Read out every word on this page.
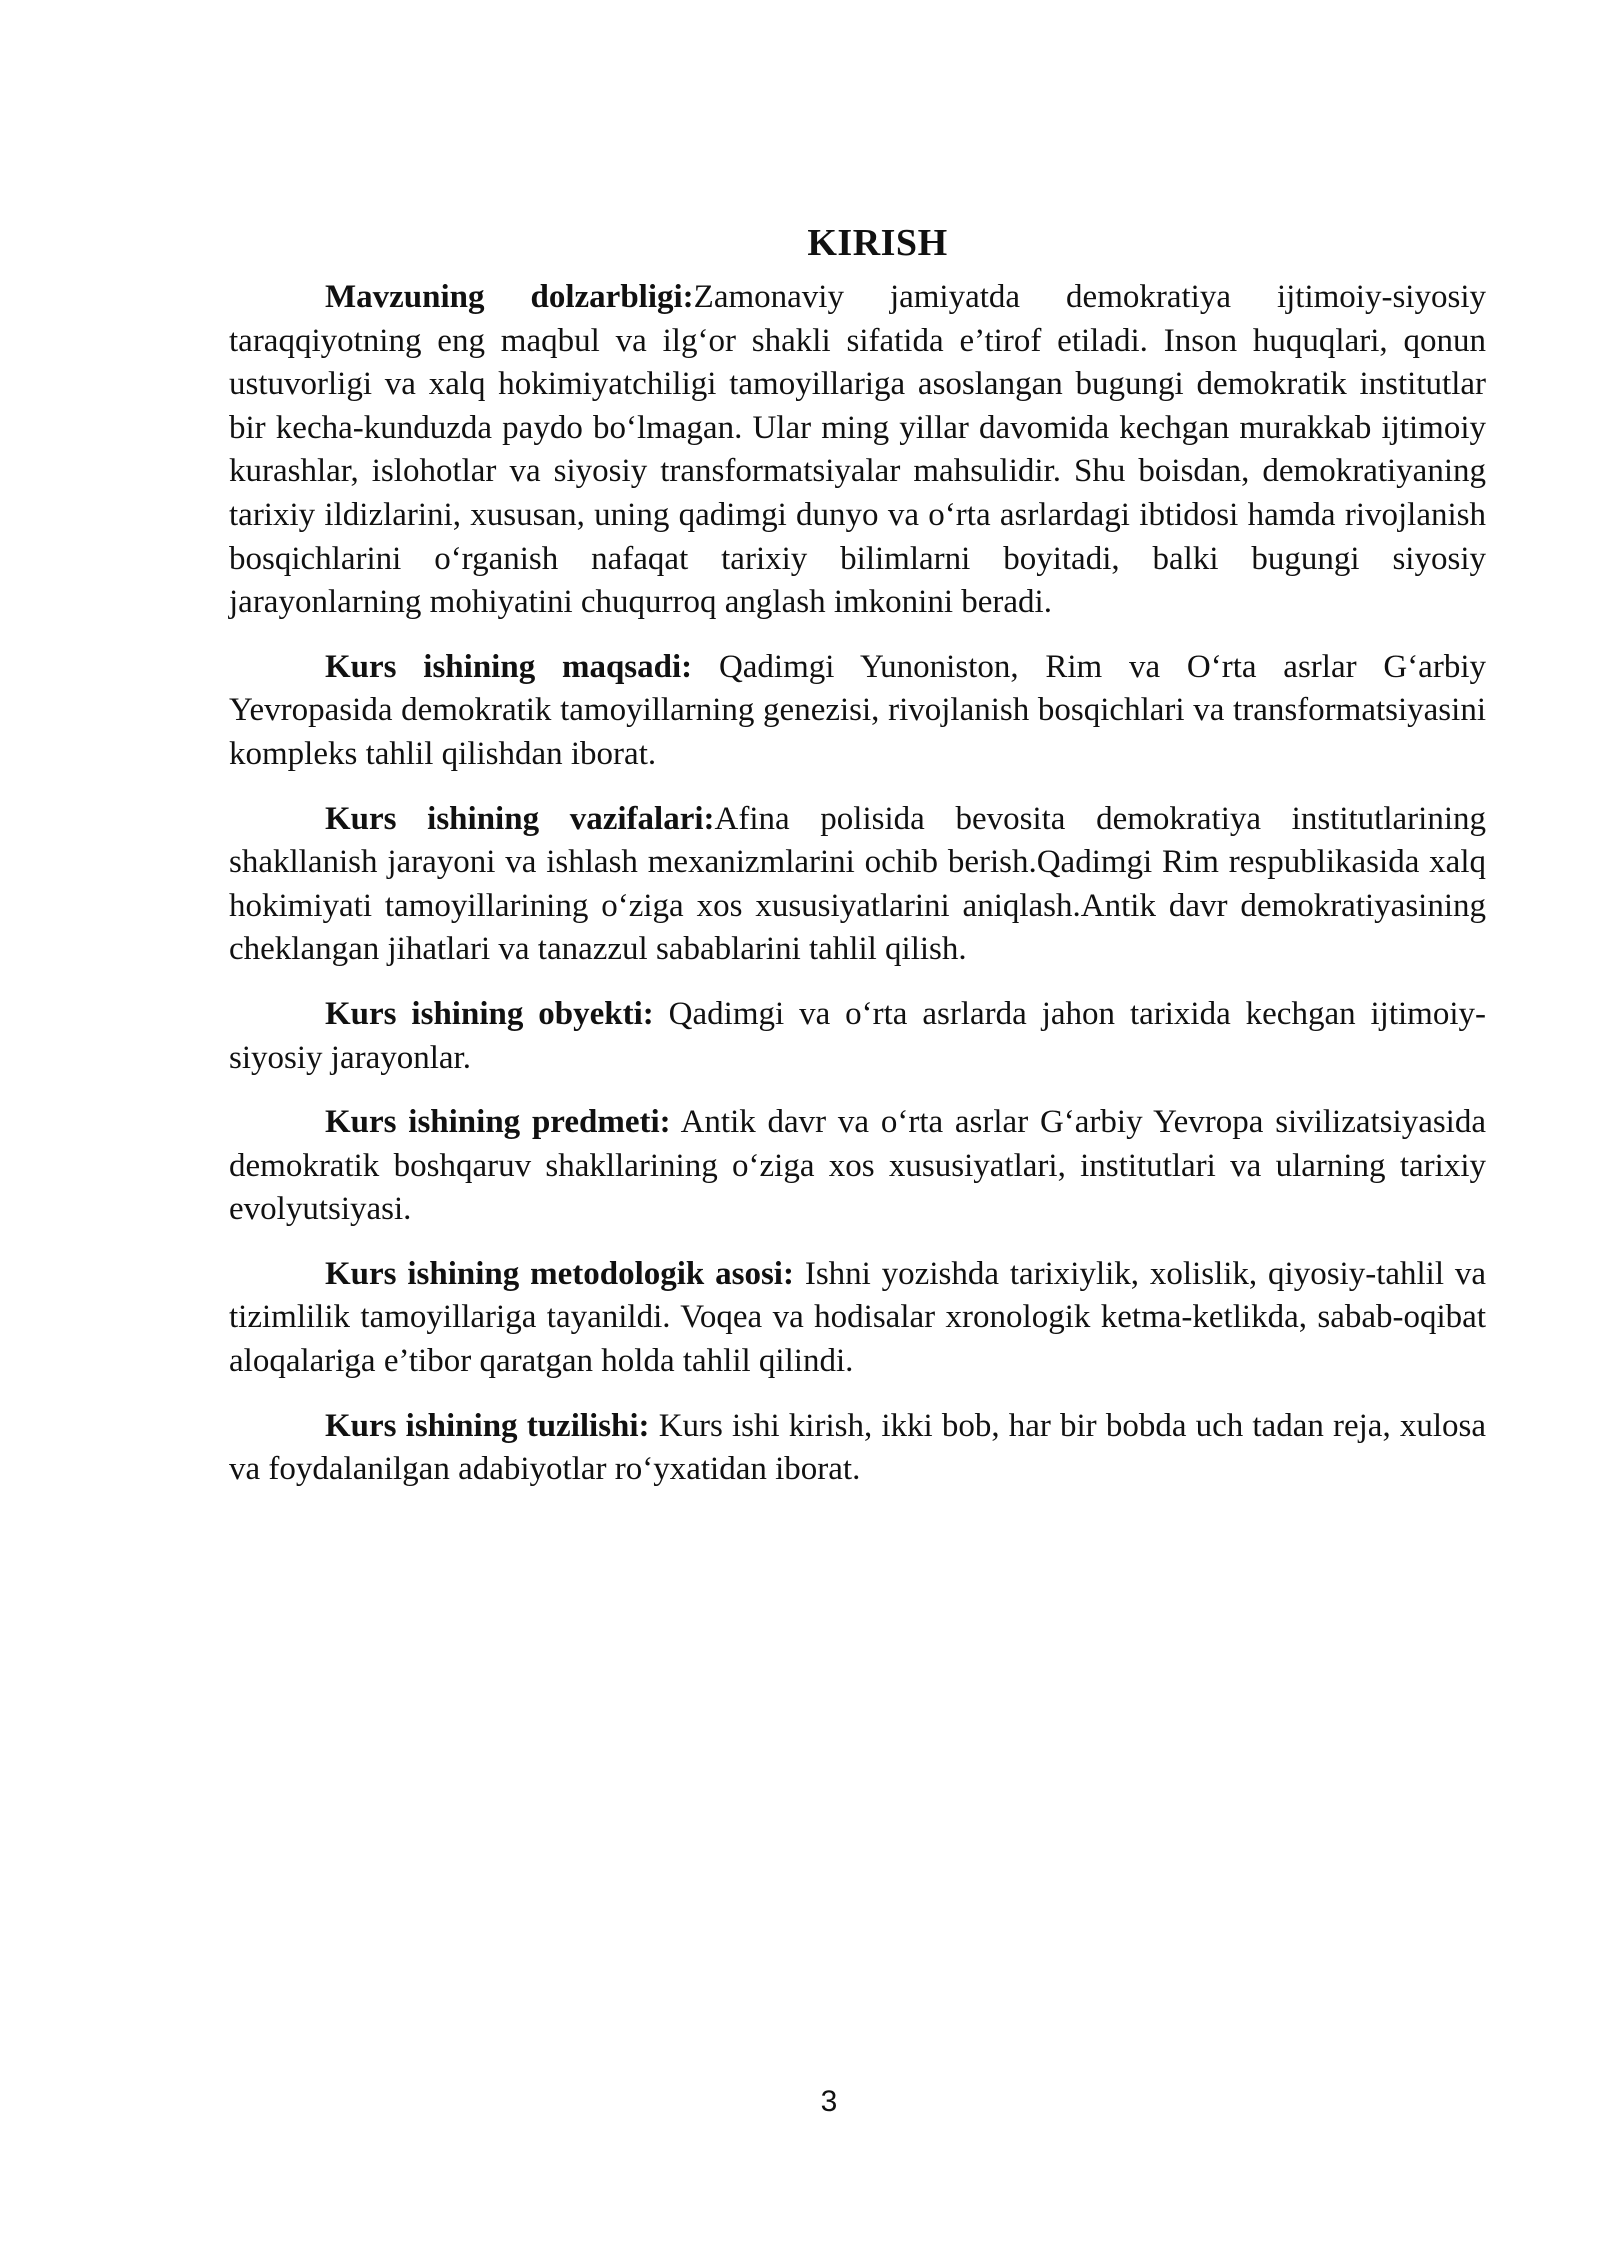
KIRISH

Mavzuning dolzarbligi:Zamonaviy jamiyatda demokratiya ijtimoiy-siyosiy taraqqiyotning eng maqbul va ilg‘or shakli sifatida e’tirof etiladi. Inson huquqlari, qonun ustuvorligi va xalq hokimiyatchiligi tamoyillariga asoslangan bugungi demokratik institutlar bir kecha-kunduzda paydo bo‘lmagan. Ular ming yillar davomida kechgan murakkab ijtimoiy kurashlar, islohotlar va siyosiy transformatsiyalar mahsulidir. Shu boisdan, demokratiyaning tarixiy ildizlarini, xususan, uning qadimgi dunyo va o‘rta asrlardagi ibtidosi hamda rivojlanish bosqichlarini o‘rganish nafaqat tarixiy bilimlarni boyitadi, balki bugungi siyosiy jarayonlarning mohiyatini chuqurroq anglash imkonini beradi.

Kurs ishining maqsadi: Qadimgi Yunoniston, Rim va O‘rta asrlar G‘arbiy Yevropasida demokratik tamoyillarning genezisi, rivojlanish bosqichlari va transformatsiyasini kompleks tahlil qilishdan iborat.

Kurs ishining vazifalari:Afina polisida bevosita demokratiya institutlarining shakllanish jarayoni va ishlash mexanizmlarini ochib berish.Qadimgi Rim respublikasida xalq hokimiyati tamoyillarining o‘ziga xos xususiyatlarini aniqlash.Antik davr demokratiyasining cheklangan jihatlari va tanazzul sabablarini tahlil qilish.

Kurs ishining obyekti: Qadimgi va o‘rta asrlarda jahon tarixida kechgan ijtimoiy-siyosiy jarayonlar.

Kurs ishining predmeti: Antik davr va o‘rta asrlar G‘arbiy Yevropa sivilizatsiyasida demokratik boshqaruv shakllarining o‘ziga xos xususiyatlari, institutlari va ularning tarixiy evolyutsiyasi.

Kurs ishining metodologik asosi: Ishni yozishda tarixiylik, xolislik, qiyosiy-tahlil va tizimlilik tamoyillariga tayanildi. Voqea va hodisalar xronologik ketma-ketlikda, sabab-oqibat aloqalariga e’tibor qaratgan holda tahlil qilindi.

Kurs ishining tuzilishi: Kurs ishi kirish, ikki bob, har bir bobda uch tadan reja, xulosa va foydalanilgan adabiyotlar ro‘yxatidan iborat.

3
